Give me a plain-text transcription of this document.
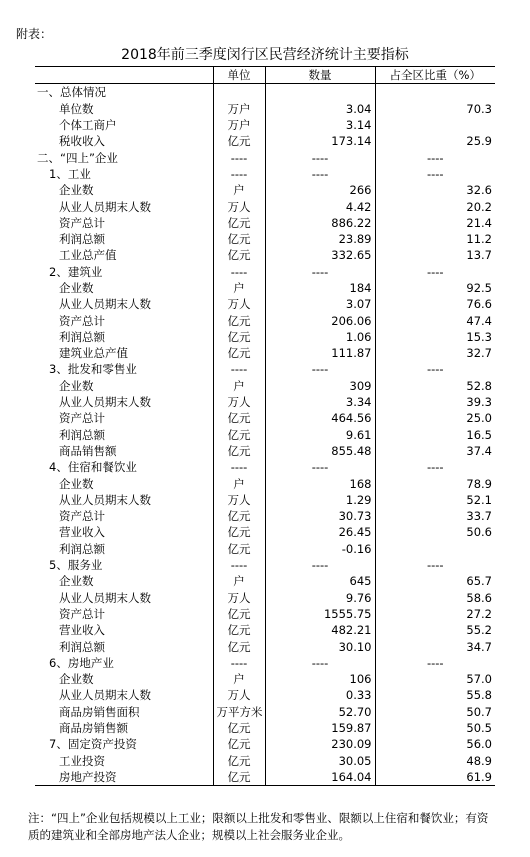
附表：
2018年前三季度闵行区民营经济统计主要指标
	单位	数量	占全区比重（%）
一、总体情况			
单位数	万户	3.04	70.3
个体工商户	万户	3.14	
税收收入	亿元	173.14	25.9
二、“四上”企业	----	----	----
1、工业	----	----	----
企业数	户	266	32.6
从业人员期末人数	万人	4.42	20.2
资产总计	亿元	886.22	21.4
利润总额	亿元	23.89	11.2
工业总产值	亿元	332.65	13.7
2、建筑业	----	----	----
企业数	户	184	92.5
从业人员期末人数	万人	3.07	76.6
资产总计	亿元	206.06	47.4
利润总额	亿元	1.06	15.3
建筑业总产值	亿元	111.87	32.7
3、批发和零售业	----	----	----
企业数	户	309	52.8
从业人员期末人数	万人	3.34	39.3
资产总计	亿元	464.56	25.0
利润总额	亿元	9.61	16.5
商品销售额	亿元	855.48	37.4
4、住宿和餐饮业	----	----	----
企业数	户	168	78.9
从业人员期末人数	万人	1.29	52.1
资产总计	亿元	30.73	33.7
营业收入	亿元	26.45	50.6
利润总额	亿元	-0.16	
5、服务业	----	----	----
企业数	户	645	65.7
从业人员期末人数	万人	9.76	58.6
资产总计	亿元	1555.75	27.2
营业收入	亿元	482.21	55.2
利润总额	亿元	30.10	34.7
6、房地产业	----	----	----
企业数	户	106	57.0
从业人员期末人数	万人	0.33	55.8
商品房销售面积	万平方米	52.70	50.7
商品房销售额	亿元	159.87	50.5
7、固定资产投资	亿元	230.09	56.0
工业投资	亿元	30.05	48.9
房地产投资	亿元	164.04	61.9
注：“四上”企业包括规模以上工业；限额以上批发和零售业、限额以上住宿和餐饮业；有资质的建筑业和全部房地产法人企业；规模以上社会服务业企业。
